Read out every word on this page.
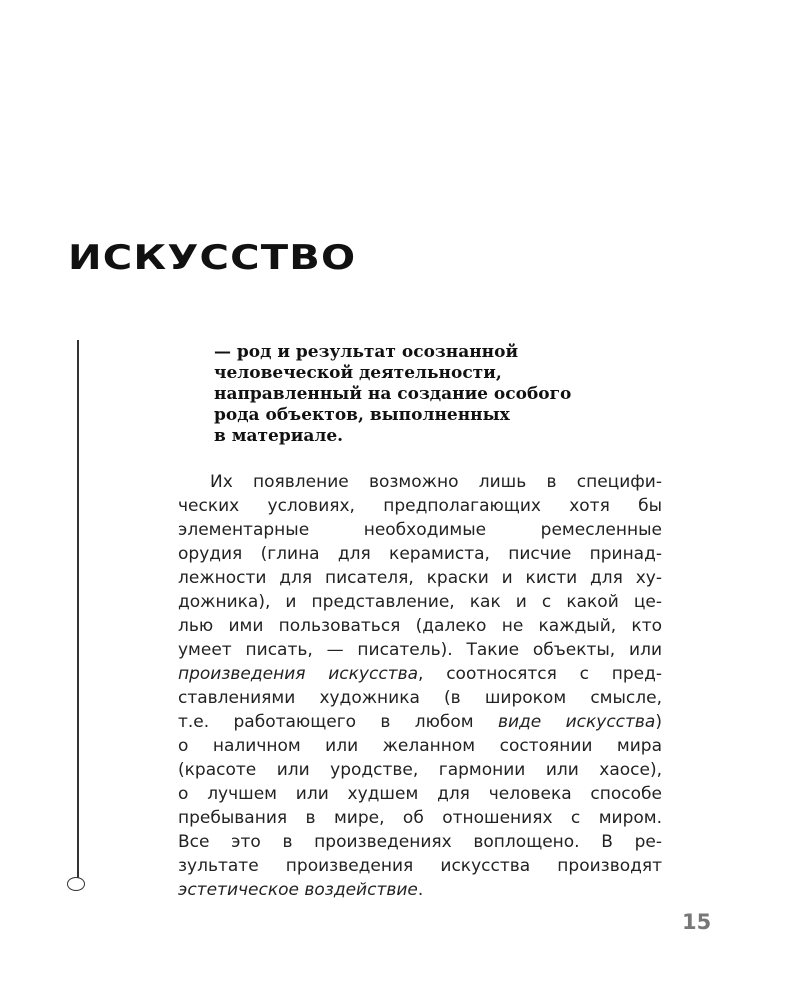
ИСКУССТВО
— род и результат осознанной
человеческой деятельности,
направленный на создание особого
рода объектов, выполненных
в материале.
Их появление возможно лишь в специфи-
ческих условиях, предполагающих хотя бы
элементарные необходимые ремесленные
орудия (глина для керамиста, писчие принад-
лежности для писателя, краски и кисти для ху-
дожника), и представление, как и с какой це-
лью ими пользоваться (далеко не каждый, кто
умеет писать, — писатель). Такие объекты, или
произведения искусства, соотносятся с пред-
ставлениями художника (в широком смысле,
т.е. работающего в любом виде искусства)
о наличном или желанном состоянии мира
(красоте или уродстве, гармонии или хаосе),
о лучшем или худшем для человека способе
пребывания в мире, об отношениях с миром.
Все это в произведениях воплощено. В ре-
зультате произведения искусства производят
эстетическое воздействие.
15
